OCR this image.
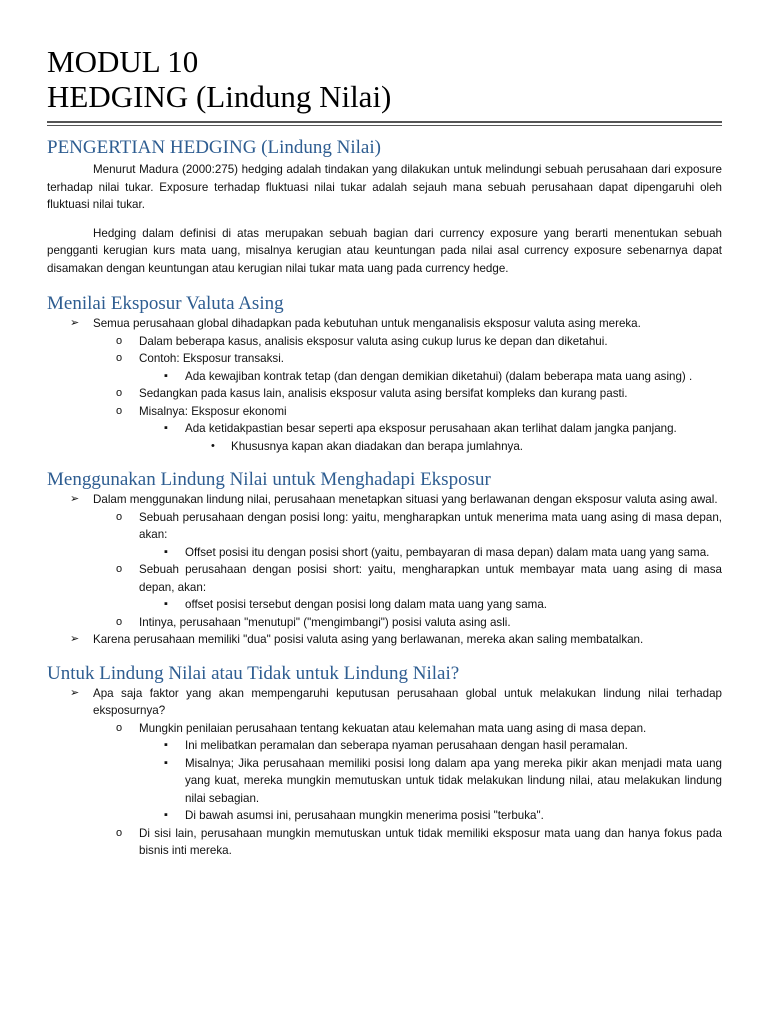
MODUL 10
HEDGING (Lindung Nilai)
PENGERTIAN HEDGING (Lindung Nilai)

Menurut Madura (2000:275) hedging adalah tindakan yang dilakukan untuk melindungi sebuah perusahaan dari exposure terhadap nilai tukar. Exposure terhadap fluktuasi nilai tukar adalah sejauh mana sebuah perusahaan dapat dipengaruhi oleh fluktuasi nilai tukar.

Hedging dalam definisi di atas merupakan sebuah bagian dari currency exposure yang berarti menentukan sebuah pengganti kerugian kurs mata uang, misalnya kerugian atau keuntungan pada nilai asal currency exposure sebenarnya dapat disamakan dengan keuntungan atau kerugian nilai tukar mata uang pada currency hedge.

Menilai Eksposur Valuta Asing
➢ Semua perusahaan global dihadapkan pada kebutuhan untuk menganalisis eksposur valuta asing mereka.
o Dalam beberapa kasus, analisis eksposur valuta asing cukup lurus ke depan dan diketahui.
o Contoh: Eksposur transaksi.
▪ Ada kewajiban kontrak tetap (dan dengan demikian diketahui) (dalam beberapa mata uang asing) .
o Sedangkan pada kasus lain, analisis eksposur valuta asing bersifat kompleks dan kurang pasti.
o Misalnya: Eksposur ekonomi
▪ Ada ketidakpastian besar seperti apa eksposur perusahaan akan terlihat dalam jangka panjang.
• Khususnya kapan akan diadakan dan berapa jumlahnya.
Menggunakan Lindung Nilai untuk Menghadapi Eksposur
➢ Dalam menggunakan lindung nilai, perusahaan menetapkan situasi yang berlawanan dengan eksposur valuta asing awal.
o Sebuah perusahaan dengan posisi long: yaitu, mengharapkan untuk menerima mata uang asing di masa depan, akan:
▪ Offset posisi itu dengan posisi short (yaitu, pembayaran di masa depan) dalam mata uang yang sama.
o Sebuah perusahaan dengan posisi short: yaitu, mengharapkan untuk membayar mata uang asing di masa depan, akan:
▪ offset posisi tersebut dengan posisi long dalam mata uang yang sama.
o Intinya, perusahaan "menutupi" ("mengimbangi") posisi valuta asing asli.
➢ Karena perusahaan memiliki "dua" posisi valuta asing yang berlawanan, mereka akan saling membatalkan.
Untuk Lindung Nilai atau Tidak untuk Lindung Nilai?
➢ Apa saja faktor yang akan mempengaruhi keputusan perusahaan global untuk melakukan lindung nilai terhadap eksposurnya?
o Mungkin penilaian perusahaan tentang kekuatan atau kelemahan mata uang asing di masa depan.
▪ Ini melibatkan peramalan dan seberapa nyaman perusahaan dengan hasil peramalan.
▪ Misalnya; Jika perusahaan memiliki posisi long dalam apa yang mereka pikir akan menjadi mata uang yang kuat, mereka mungkin memutuskan untuk tidak melakukan lindung nilai, atau melakukan lindung nilai sebagian.
▪ Di bawah asumsi ini, perusahaan mungkin menerima posisi "terbuka".
o Di sisi lain, perusahaan mungkin memutuskan untuk tidak memiliki eksposur mata uang dan hanya fokus pada bisnis inti mereka.
